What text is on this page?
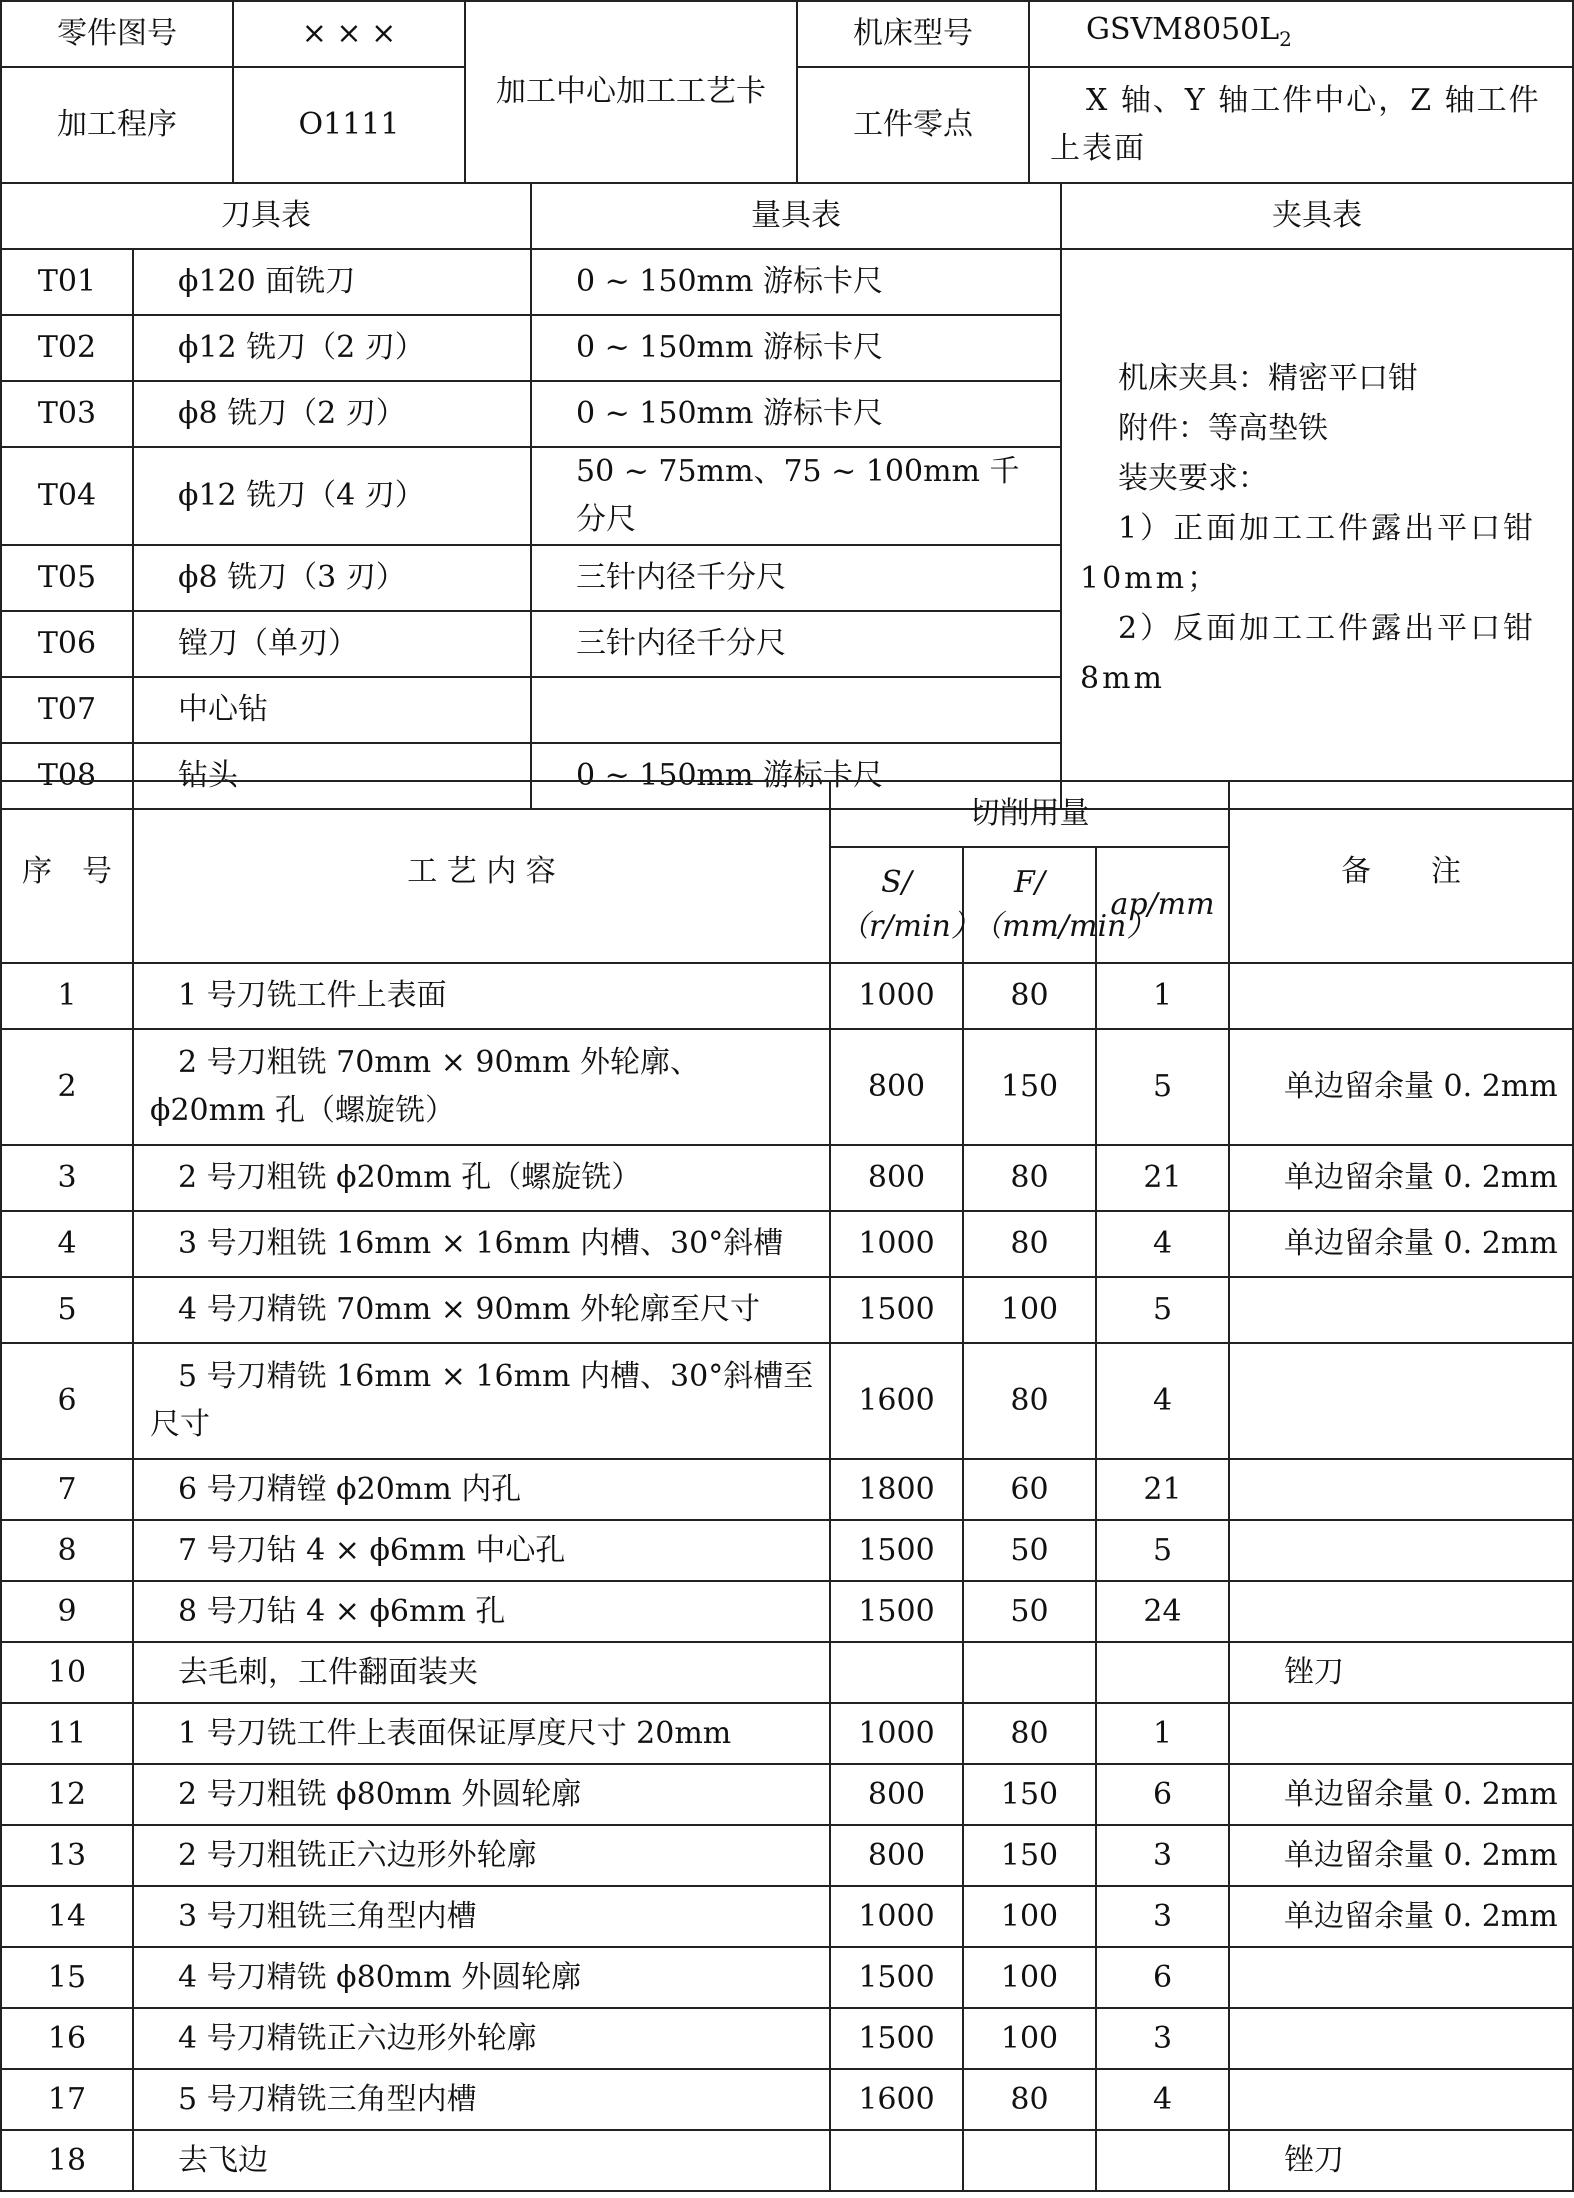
零件图号	× × ×	加工中心加工工艺卡	机床型号	$GSVM8050L_2$
加工程序	O1111		工件零点	X 轴、Y 轴工件中心，Z 轴工件上表面
刀具表		量具表	夹具表
T01	ϕ120 面铣刀	0 ~ 150mm 游标卡尺	机床夹具：精密平口钳
附件：等高垫铁
装夹要求：
1）正面加工工件露出平口钳 10mm；
2）反面加工工件露出平口钳 8mm

T02	ϕ12 铣刀（2 刃）	0 ~ 150mm 游标卡尺	
T03	ϕ8 铣刀（2 刃）	0 ~ 150mm 游标卡尺	
T04	ϕ12 铣刀（4 刃）	50 ~ 75mm、75 ~ 100mm 千分尺	
T05	ϕ8 铣刀（3 刃）	三针内径千分尺	
T06	镗刀（单刃）	三针内径千分尺	
T07	中心钻		
T08	钻头	0 ~ 150mm 游标卡尺	
序　号	工 艺 内 容	切削用量			备　　注
		S/（r/min）	F/（mm/min）	ap/mm	
1	1 号刀铣工件上表面	1000	80	1	
2	2 号刀粗铣 70mm × 90mm 外轮廓、ϕ20mm 孔（螺旋铣）	800	150	5	单边留余量 0. 2mm
3	2 号刀粗铣 ϕ20mm 孔（螺旋铣）	800	80	21	单边留余量 0. 2mm
4	3 号刀粗铣 16mm × 16mm 内槽、30°斜槽	1000	80	4	单边留余量 0. 2mm
5	4 号刀精铣 70mm × 90mm 外轮廓至尺寸	1500	100	5	
6	5 号刀精铣 16mm × 16mm 内槽、30°斜槽至尺寸	1600	80	4	
7	6 号刀精镗 ϕ20mm 内孔	1800	60	21	
8	7 号刀钻 4 × ϕ6mm 中心孔	1500	50	5	
9	8 号刀钻 4 × ϕ6mm 孔	1500	50	24	
10	去毛刺，工件翻面装夹				锉刀
11	1 号刀铣工件上表面保证厚度尺寸 20mm	1000	80	1	
12	2 号刀粗铣 ϕ80mm 外圆轮廓	800	150	6	单边留余量 0. 2mm
13	2 号刀粗铣正六边形外轮廓	800	150	3	单边留余量 0. 2mm
14	3 号刀粗铣三角型内槽	1000	100	3	单边留余量 0. 2mm
15	4 号刀精铣 ϕ80mm 外圆轮廓	1500	100	6	
16	4 号刀精铣正六边形外轮廓	1500	100	3	
17	5 号刀精铣三角型内槽	1600	80	4	
18	去飞边				锉刀
